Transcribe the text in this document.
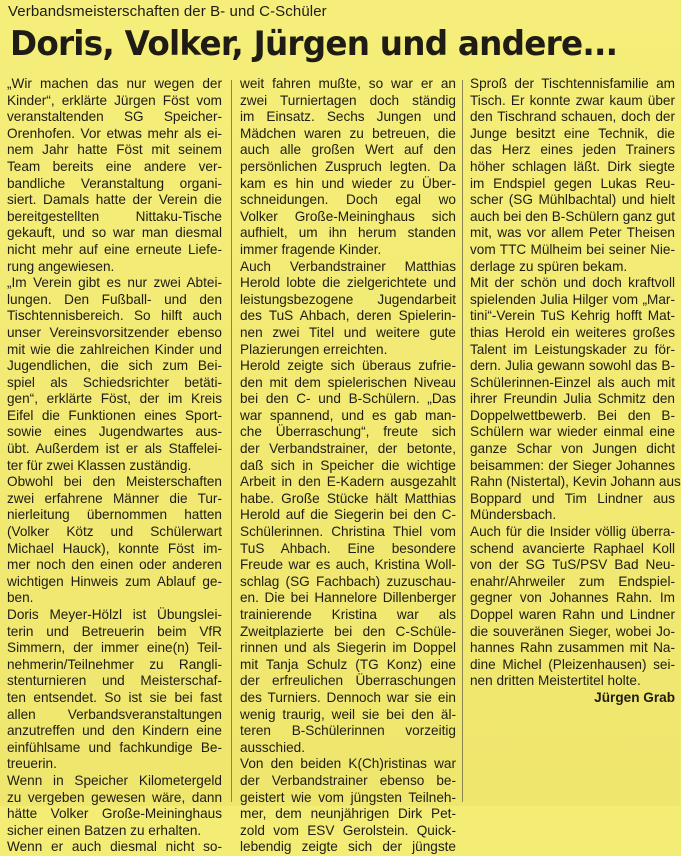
Verbandsmeisterschaften der B- und C-Schüler
Doris, Volker, Jürgen und andere...
„Wir machen das nur wegen der
Kinder“, erklärte Jürgen Föst vom
veranstaltenden SG Speicher-
Orenhofen. Vor etwas mehr als ei-
nem Jahr hatte Föst mit seinem
Team bereits eine andere ver-
bandliche Veranstaltung organi-
siert. Damals hatte der Verein die
bereitgestellten Nittaku-Tische
gekauft, und so war man diesmal
nicht mehr auf eine erneute Liefe-
rung angewiesen.
„Im Verein gibt es nur zwei Abtei-
lungen. Den Fußball- und den
Tischtennisbereich. So hilft auch
unser Vereinsvorsitzender ebenso
mit wie die zahlreichen Kinder und
Jugendlichen, die sich zum Bei-
spiel als Schiedsrichter betäti-
gen“, erklärte Föst, der im Kreis
Eifel die Funktionen eines Sport-
sowie eines Jugendwartes aus-
übt. Außerdem ist er als Staffelei-
ter für zwei Klassen zuständig.
Obwohl bei den Meisterschaften
zwei erfahrene Männer die Tur-
nierleitung übernommen hatten
(Volker Kötz und Schülerwart
Michael Hauck), konnte Föst im-
mer noch den einen oder anderen
wichtigen Hinweis zum Ablauf ge-
ben.
Doris Meyer-Hölzl ist Übungslei-
terin und Betreuerin beim VfR
Simmern, der immer eine(n) Teil-
nehmerin/Teilnehmer zu Rangli-
stenturnieren und Meisterschaf-
ten entsendet. So ist sie bei fast
allen Verbandsveranstaltungen
anzutreffen und den Kindern eine
einfühlsame und fachkundige Be-
treuerin.
Wenn in Speicher Kilometergeld
zu vergeben gewesen wäre, dann
hätte Volker Große-Meininghaus
sicher einen Batzen zu erhalten.
Wenn er auch diesmal nicht so-
weit fahren mußte, so war er an
zwei Turniertagen doch ständig
im Einsatz. Sechs Jungen und
Mädchen waren zu betreuen, die
auch alle großen Wert auf den
persönlichen Zuspruch legten. Da
kam es hin und wieder zu Über-
schneidungen. Doch egal wo
Volker Große-Meininghaus sich
aufhielt, um ihn herum standen
immer fragende Kinder.
Auch Verbandstrainer Matthias
Herold lobte die zielgerichtete und
leistungsbezogene Jugendarbeit
des TuS Ahbach, deren Spielerin-
nen zwei Titel und weitere gute
Plazierungen erreichten.
Herold zeigte sich überaus zufrie-
den mit dem spielerischen Niveau
bei den C- und B-Schülern. „Das
war spannend, und es gab man-
che Überraschung“, freute sich
der Verbandstrainer, der betonte,
daß sich in Speicher die wichtige
Arbeit in den E-Kadern ausgezahlt
habe. Große Stücke hält Matthias
Herold auf die Siegerin bei den C-
Schülerinnen. Christina Thiel vom
TuS Ahbach. Eine besondere
Freude war es auch, Kristina Woll-
schlag (SG Fachbach) zuzuschau-
en. Die bei Hannelore Dillenberger
trainierende Kristina war als
Zweitplazierte bei den C-Schüle-
rinnen und als Siegerin im Doppel
mit Tanja Schulz (TG Konz) eine
der erfreulichen Überraschungen
des Turniers. Dennoch war sie ein
wenig traurig, weil sie bei den äl-
teren B-Schülerinnen vorzeitig
ausschied.
Von den beiden K(Ch)ristinas war
der Verbandstrainer ebenso be-
geistert wie vom jüngsten Teilneh-
mer, dem neunjährigen Dirk Pet-
zold vom ESV Gerolstein. Quick-
lebendig zeigte sich der jüngste
Sproß der Tischtennisfamilie am
Tisch. Er konnte zwar kaum über
den Tischrand schauen, doch der
Junge besitzt eine Technik, die
das Herz eines jeden Trainers
höher schlagen läßt. Dirk siegte
im Endspiel gegen Lukas Reu-
scher (SG Mühlbachtal) und hielt
auch bei den B-Schülern ganz gut
mit, was vor allem Peter Theisen
vom TTC Mülheim bei seiner Nie-
derlage zu spüren bekam.
Mit der schön und doch kraftvoll
spielenden Julia Hilger vom „Mar-
tini“-Verein TuS Kehrig hofft Mat-
thias Herold ein weiteres großes
Talent im Leistungskader zu för-
dern. Julia gewann sowohl das B-
Schülerinnen-Einzel als auch mit
ihrer Freundin Julia Schmitz den
Doppelwettbewerb. Bei den B-
Schülern war wieder einmal eine
ganze Schar von Jungen dicht
beisammen: der Sieger Johannes
Rahn (Nistertal), Kevin Johann aus
Boppard und Tim Lindner aus
Mündersbach.
Auch für die Insider völlig überra-
schend avancierte Raphael Koll
von der SG TuS/PSV Bad Neu-
enahr/Ahrweiler zum Endspiel-
gegner von Johannes Rahn. Im
Doppel waren Rahn und Lindner
die souveränen Sieger, wobei Jo-
hannes Rahn zusammen mit Na-
dine Michel (Pleizenhausen) sei-
nen dritten Meistertitel holte.
Jürgen Grab
